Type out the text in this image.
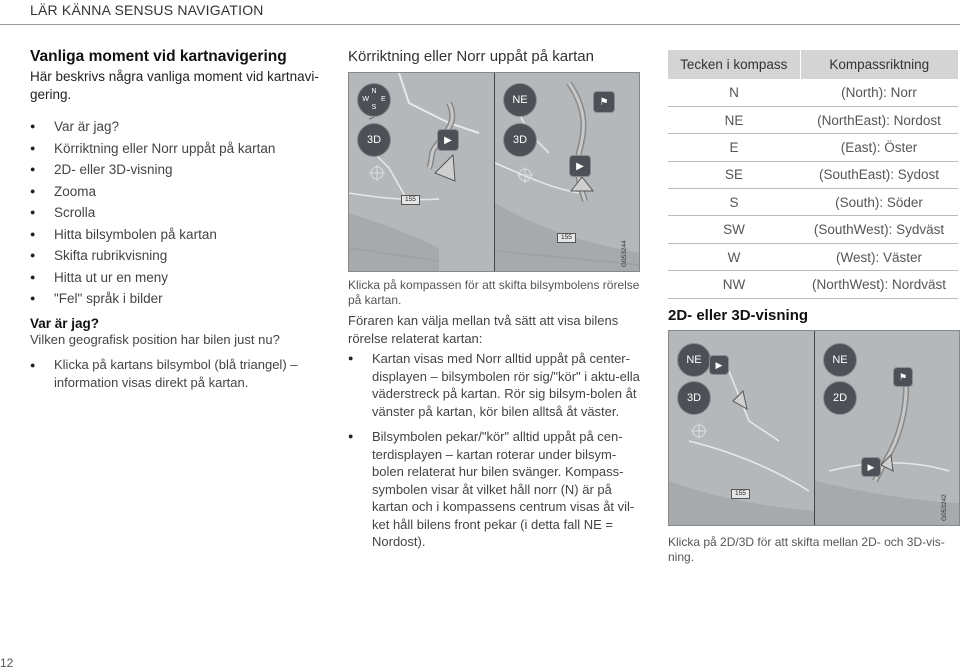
LÄR KÄNNA SENSUS NAVIGATION
Vanliga moment vid kartnavigering
Här beskrivs några vanliga moment vid kartnavi-gering.
● Var är jag?
● Körriktning eller Norr uppåt på kartan
● 2D- eller 3D-visning
● Zooma
● Scrolla
● Hitta bilsymbolen på kartan
● Skifta rubrikvisning
● Hitta ut ur en meny
● "Fel" språk i bilder
Var är jag?
Vilken geografisk position har bilen just nu?
● Klicka på kartans bilsymbol (blå triangel) – information visas direkt på kartan.
Körriktning eller Norr uppåt på kartan
N
W E
S
3D
NE
3D
▶
▶
⚑
155
155
G053244
Klicka på kompassen för att skifta bilsymbolens rörelse på kartan.
Föraren kan välja mellan två sätt att visa bilens rörelse relaterat kartan:
● Kartan visas med Norr alltid uppåt på center-displayen – bilsymbolen rör sig/"kör" i aktu-ella väderstreck på kartan. Rör sig bilsym-bolen åt vänster på kartan, kör bilen alltså åt väster.
● Bilsymbolen pekar/"kör" alltid uppåt på cen-terdisplayen – kartan roterar under bilsym-bolen relaterat hur bilen svänger. Kompass-symbolen visar åt vilket håll norr (N) är på kartan och i kompassens centrum visas åt vil-ket håll bilens front pekar (i detta fall NE = Nordost).
Tecken i kompass	Kompassriktning
N	(North): Norr
NE	(NorthEast): Nordost
E	(East): Öster
SE	(SouthEast): Sydost
S	(South): Söder
SW	(SouthWest): Sydväst
W	(West): Väster
NW	(NorthWest): Nordväst
2D- eller 3D-visning
NE
3D
NE
2D
▶
▶
⚑
155
G053242
Klicka på 2D/3D för att skifta mellan 2D- och 3D-vis-ning.
12
